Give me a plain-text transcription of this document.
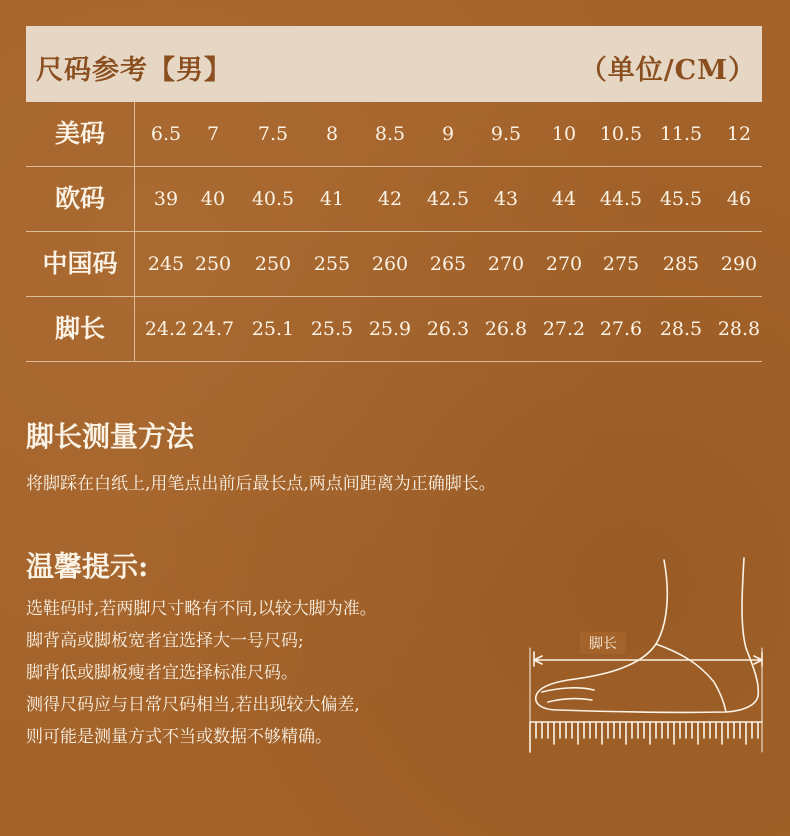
尺码参考【男】	（单位/CM）
美码	6.5	7	7.5	8	8.5	9	9.5	10	10.5 11.5	12
欧码	39	40	40.5	41	42	42.5	43	44	44.5 45.5	46
中国码	245 250	250	255	260	265	270	270	275	285	290
脚长	24.2 24.7 25.1 25.5 25.9 26.3 26.8 27.2 27.6 28.5 28.8
脚长测量方法
将脚踩在白纸上,用笔点出前后最长点,两点间距离为正确脚长。
温馨提示:
选鞋码时,若两脚尺寸略有不同,以较大脚为准。
脚背高或脚板宽者宜选择大一号尺码;
脚背低或脚板瘦者宜选择标准尺码。
测得尺码应与日常尺码相当,若出现较大偏差,
则可能是测量方式不当或数据不够精确。
脚长
